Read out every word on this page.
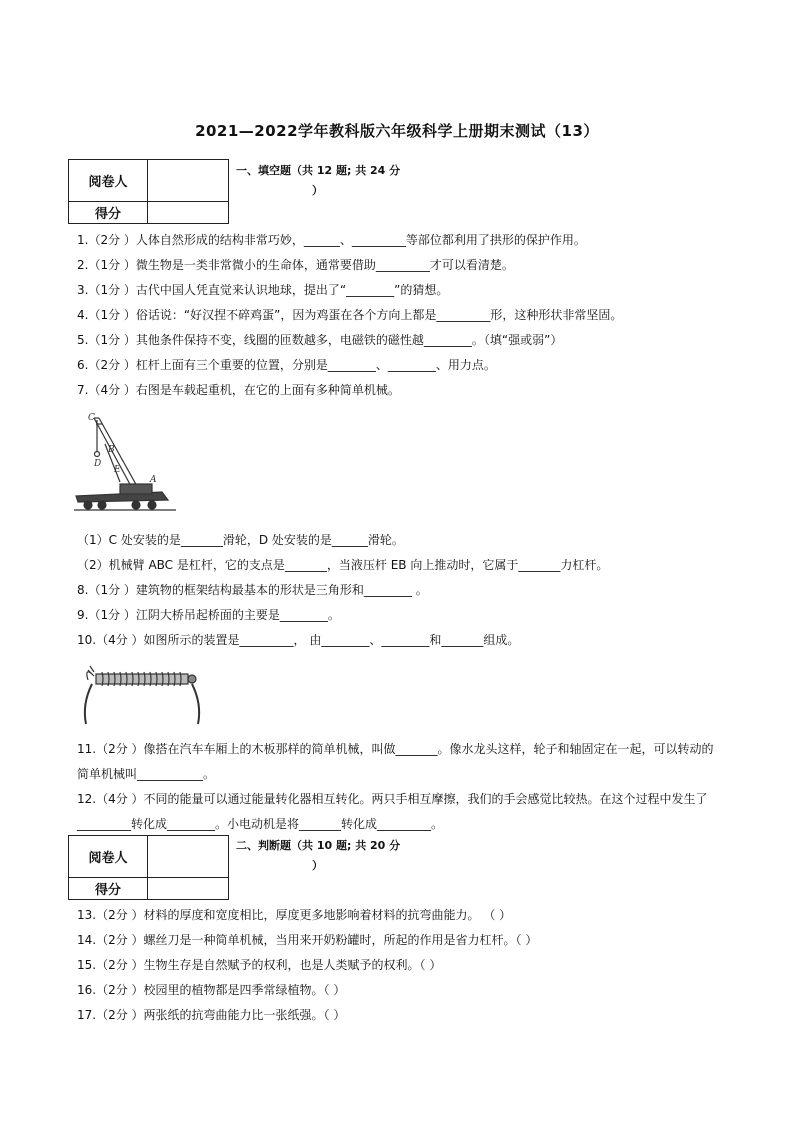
2021—2022学年教科版六年级科学上册期末测试（13）
阅卷人	
得分	
一、填空题（共 12 题; 共 24 分
）
1.（2分 ）人体自然形成的结构非常巧妙，______、_________等部位都利用了拱形的保护作用。
2.（1分 ）微生物是一类非常微小的生命体，通常要借助_________才可以看清楚。
3.（1分 ）古代中国人凭直觉来认识地球，提出了“________”的猜想。
4.（1分 ）俗话说：“好汉捏不碎鸡蛋”，因为鸡蛋在各个方向上都是_________形，这种形状非常坚固。
5.（1分 ）其他条件保持不变，线圈的匝数越多，电磁铁的磁性越________。（填“强或弱”）
6.（2分 ）杠杆上面有三个重要的位置，分别是________、________、用力点。
7.（4分 ）右图是车载起重机，在它的上面有多种简单机械。
C
B
D
E
A
（1）C 处安装的是_______滑轮，D 处安装的是______滑轮。
（2）机械臂 ABC 是杠杆，它的支点是_______，当液压杆 EB 向上推动时，它属于_______力杠杆。
8.（1分 ）建筑物的框架结构最基本的形状是三角形和________ 。
9.（1分 ）江阴大桥吊起桥面的主要是________。
10.（4分 ）如图所示的装置是_________， 由________、________和_______组成。
11.（2分 ）像搭在汽车车厢上的木板那样的简单机械，叫做_______。像水龙头这样，轮子和轴固定在一起，可以转动的简单机械叫___________。
12.（4分 ）不同的能量可以通过能量转化器相互转化。两只手相互摩擦，我们的手会感觉比较热。在这个过程中发生了_________转化成________。小电动机是将_______转化成_________。
阅卷人	
得分	
二、判断题（共 10 题; 共 20 分
）
13.（2分 ）材料的厚度和宽度相比，厚度更多地影响着材料的抗弯曲能力。 （ ）
14.（2分 ）螺丝刀是一种简单机械，当用来开奶粉罐时，所起的作用是省力杠杆。（ ）
15.（2分 ）生物生存是自然赋予的权利，也是人类赋予的权利。（ ）
16.（2分 ）校园里的植物都是四季常绿植物。（ ）
17.（2分 ）两张纸的抗弯曲能力比一张纸强。（ ）
